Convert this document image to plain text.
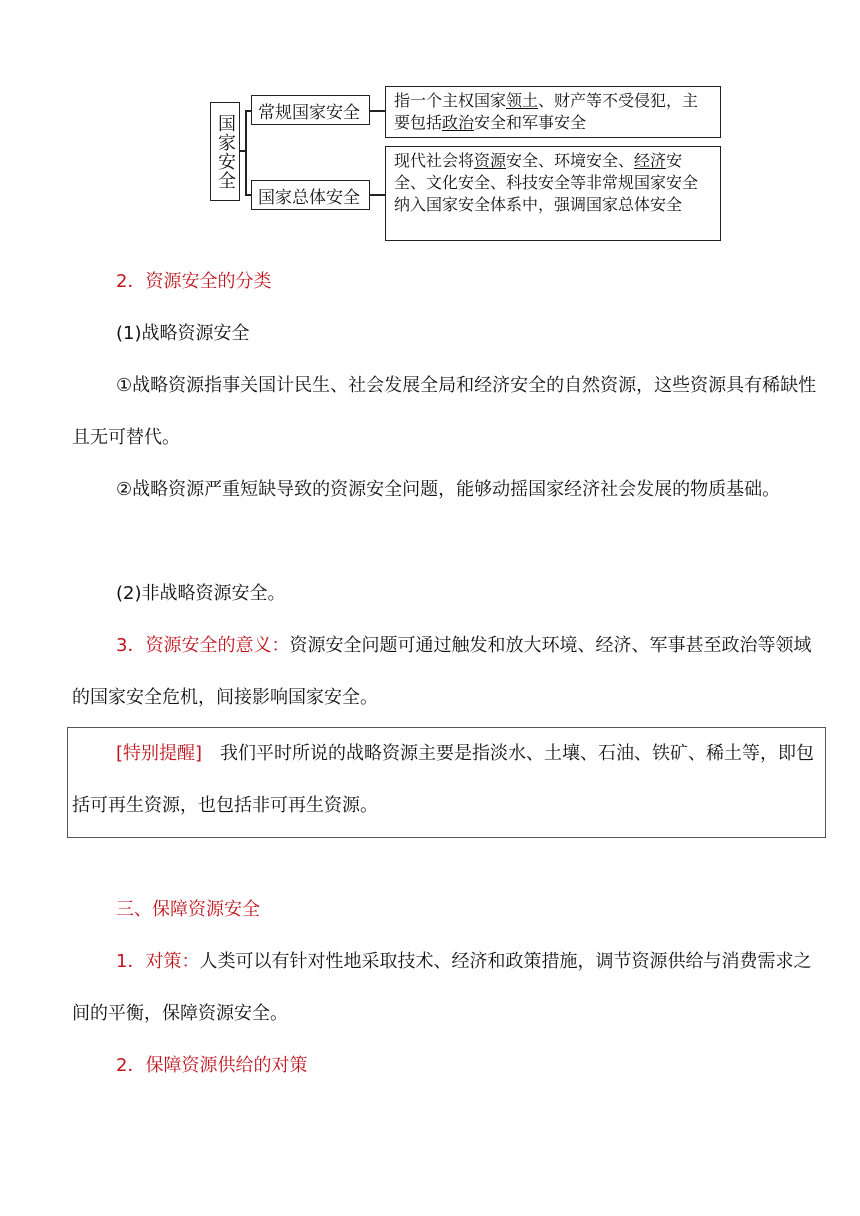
国家安全
常规国家安全
国家总体安全
指一个主权国家领土、财产等不受侵犯，主要包括政治安全和军事安全
现代社会将资源安全、环境安全、经济安全、文化安全、科技安全等非常规国家安全纳入国家安全体系中，强调国家总体安全
2．资源安全的分类
(1)战略资源安全
①战略资源指事关国计民生、社会发展全局和经济安全的自然资源，这些资源具有稀缺性且无可替代。
②战略资源严重短缺导致的资源安全问题，能够动摇国家经济社会发展的物质基础。
(2)非战略资源安全。
3．资源安全的意义：资源安全问题可通过触发和放大环境、经济、军事甚至政治等领域的国家安全危机，间接影响国家安全。
[特别提醒]　我们平时所说的战略资源主要是指淡水、土壤、石油、铁矿、稀土等，即包括可再生资源，也包括非可再生资源。
三、保障资源安全
1．对策：人类可以有针对性地采取技术、经济和政策措施，调节资源供给与消费需求之间的平衡，保障资源安全。
2．保障资源供给的对策
